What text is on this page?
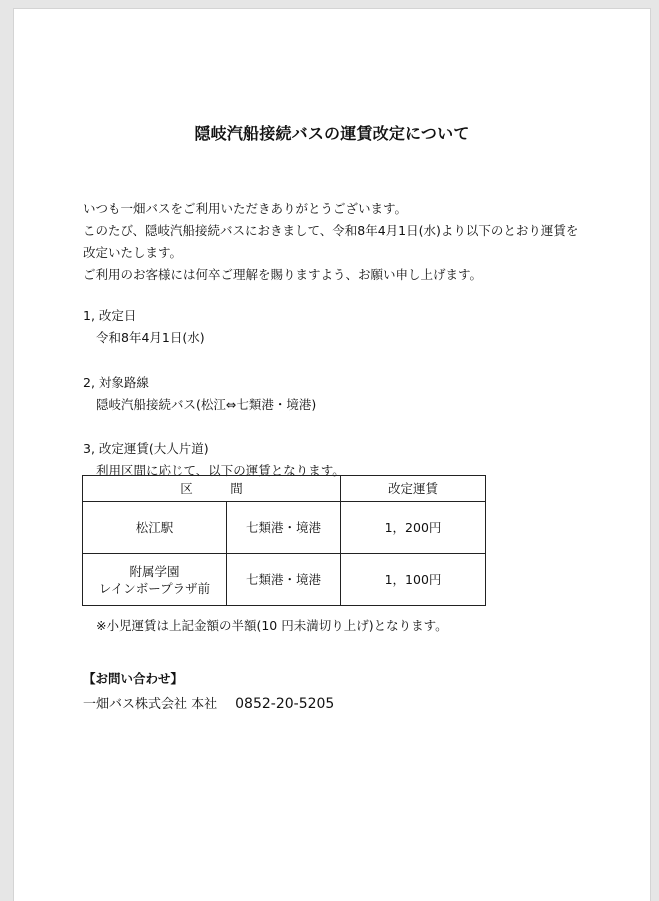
隠岐汽船接続バスの運賃改定について
いつも一畑バスをご利用いただきありがとうございます。
このたび、隠岐汽船接続バスにおきまして、令和8年4月1日(水)より以下のとおり運賃を
改定いたします。
ご利用のお客様には何卒ご理解を賜りますよう、お願い申し上げます。
1, 改定日
令和8年4月1日(水)
2, 対象路線
隠岐汽船接続バス(松江⇔七類港・境港)
3, 改定運賃(大人片道)
利用区間に応じて、以下の運賃となります。
区　　　間		改定運賃
松江駅	七類港・境港	1，200円

附属学園
レインボープラザ前	七類港・境港	1，100円
※小児運賃は上記金額の半額(10 円未満切り上げ)となります。
【お問い合わせ】
一畑バス株式会社 本社 0852-20-5205
